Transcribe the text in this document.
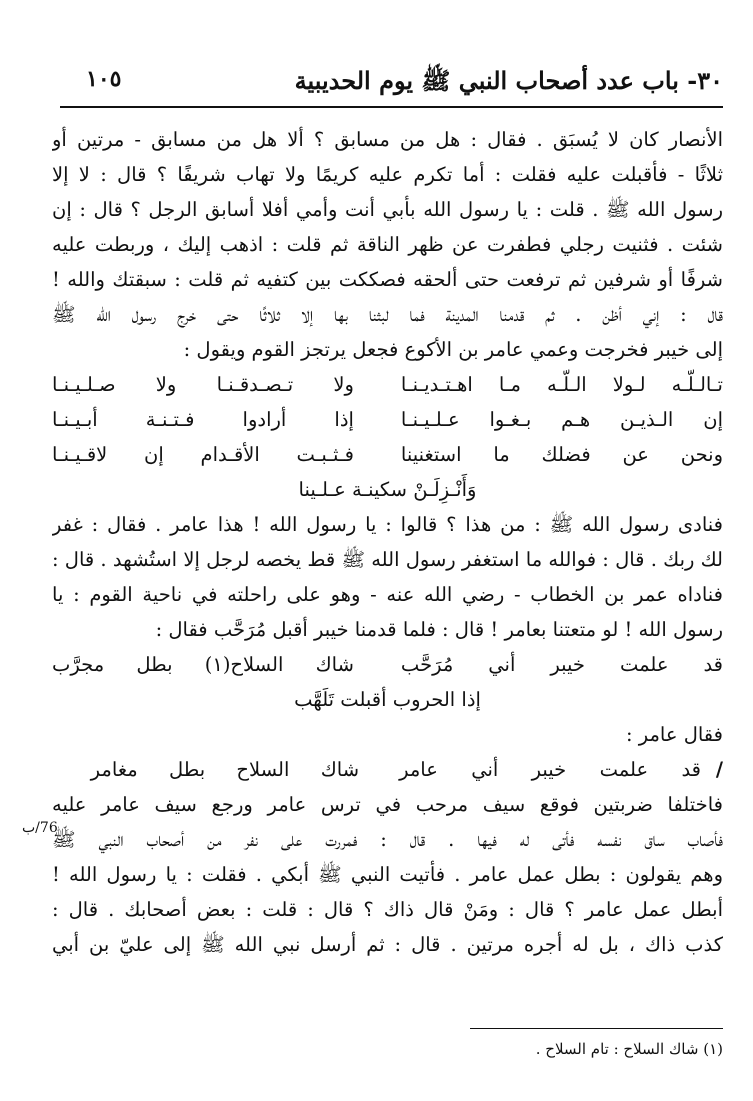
٣٠- باب عدد أصحاب النبي ﷺ يوم الحديبية
١٠٥

الأنصار كان لا يُسبَق . فقال : هل من مسابق ؟ ألا هل من مسابق - مرتين أو

ثلاثًا - فأقبلت عليه فقلت : أما تكرم عليه كريمًا ولا تهاب شريفًا ؟ قال : لا إلا

رسول الله ﷺ . قلت : يا رسول الله بأبي أنت وأمي أفلا أسابق الرجل ؟ قال : إن

شئت . فثنيت رجلي فطفرت عن ظهر الناقة ثم قلت : اذهب إليك ، وربطت عليه

شرفًا أو شرفين ثم ترفعت حتى ألحقه فصككت بين كتفيه ثم قلت : سبقتك والله !

قال : إني أظن . ثم قدمنا المدينة فما لبثنا بها إلا ثلاثًا حتى خرج رسول الله ﷺ

إلى خيبر فخرجت وعمي عامر بن الأكوع فجعل يرتجز القوم ويقول :

تـالـلّـه لـولا الـلّـه مـا اهـتـديـنـا
ولا تـصـدقـنـا ولا صـلـيـنـا
إن الـذيـن هـم بـغـوا عـلـيـنـا
إذا أرادوا فـتـنـة أبـيـنـا
ونحن عن فضلك ما استغنينا
فـثـبـت الأقـدام إن لاقـيـنـا
وَأَنْـزِلَـنْ سكينـة عـلـينا

فنادى رسول الله ﷺ : من هذا ؟ قالوا : يا رسول الله ! هذا عامر . فقال : غفر

لك ربك . قال : فوالله ما استغفر رسول الله ﷺ قط يخصه لرجل إلا استُشهد . قال :

فناداه عمر بن الخطاب - رضي الله عنه - وهو على راحلته في ناحية القوم : يا

رسول الله ! لو متعتنا بعامر ! قال : فلما قدمنا خيبر أقبل مُرَحَّب فقال :

قد علمت خيبر أني مُرَحَّب
شاك السلاح(١) بطل مجرَّب
إذا الحروب أقبلت تَلَهَّب

فقال عامر :

/
قد علمت خيبر أني عامر
شاك السلاح بطل مغامر

فاختلفا ضربتين فوقع سيف مرحب في ترس عامر ورجع سيف عامر عليه

فأصاب ساق نفسه فأتى له فيها . قال : فمررت على نفر من أصحاب النبي ﷺ

وهم يقولون : بطل عمل عامر . فأتيت النبي ﷺ أبكي . فقلت : يا رسول الله !

أبطل عمل عامر ؟ قال : ومَنْ قال ذاك ؟ قال : قلت : بعض أصحابك . قال :

كذب ذاك ، بل له أجره مرتين . قال : ثم أرسل نبي الله ﷺ إلى عليّ بن أبي

76/ب
(١) شاك السلاح : تام السلاح .
